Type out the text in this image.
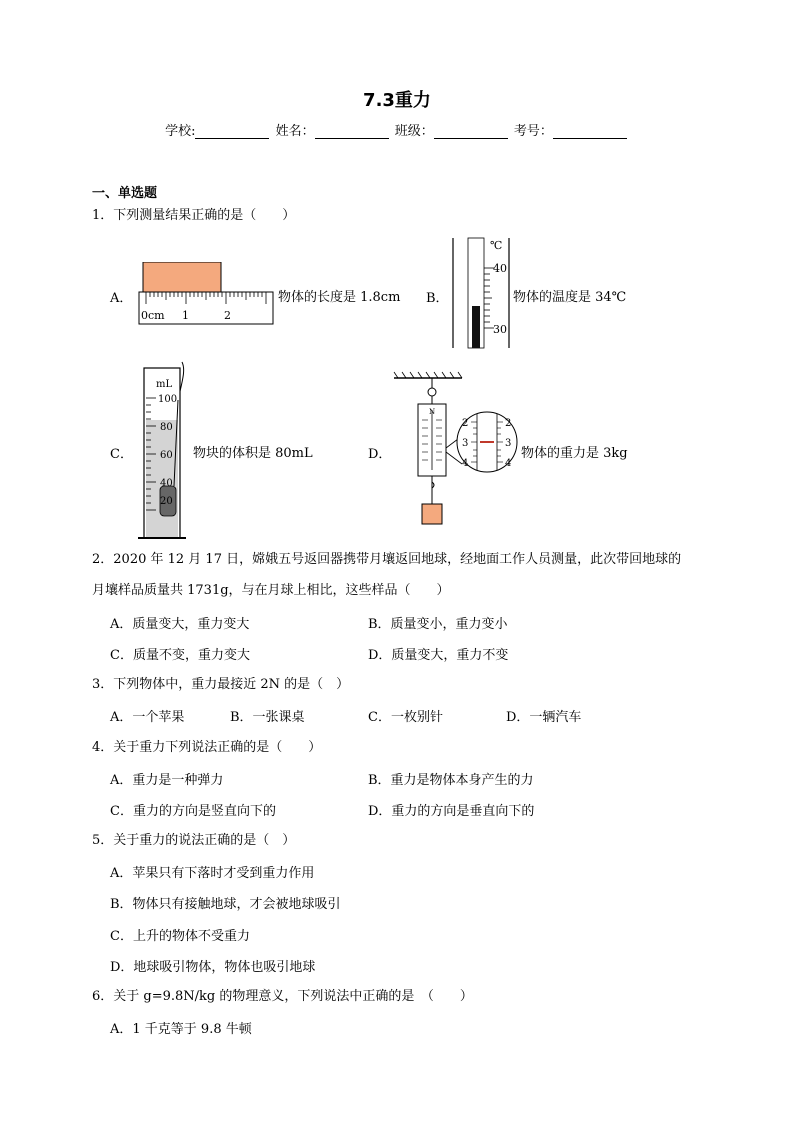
7.3重力
学校:	姓名：	班级：	考号：
一、单选题
1．下列测量结果正确的是（　　）
A．
0cm 1	2
物体的长度是 1.8cm B．
℃
40
30
物体的温度是 34℃
C．
mL
100
80
60
40
20
物块的体积是 80mL	D．
N
2
3
4
2
3
4
物体的重力是 3kg
2．2020 年 12 月 17 日，嫦娥五号返回器携带月壤返回地球，经地面工作人员测量，此次带回地球的
月壤样品质量共 1731g，与在月球上相比，这些样品（　　）
A．质量变大，重力变大	B．质量变小，重力变小
C．质量不变，重力变大	D．质量变大，重力不变
3．下列物体中，重力最接近 2N 的是（　）
A．一个苹果	B．一张课桌	C．一枚别针	D．一辆汽车
4．关于重力下列说法正确的是（　　）
A．重力是一种弹力	B．重力是物体本身产生的力
C．重力的方向是竖直向下的	D．重力的方向是垂直向下的
5．关于重力的说法正确的是（　）
A．苹果只有下落时才受到重力作用
B．物体只有接触地球，才会被地球吸引
C．上升的物体不受重力
D．地球吸引物体，物体也吸引地球
6．关于 g=9.8N/kg 的物理意义，下列说法中正确的是　（　　）
A．1 千克等于 9.8 牛顿
